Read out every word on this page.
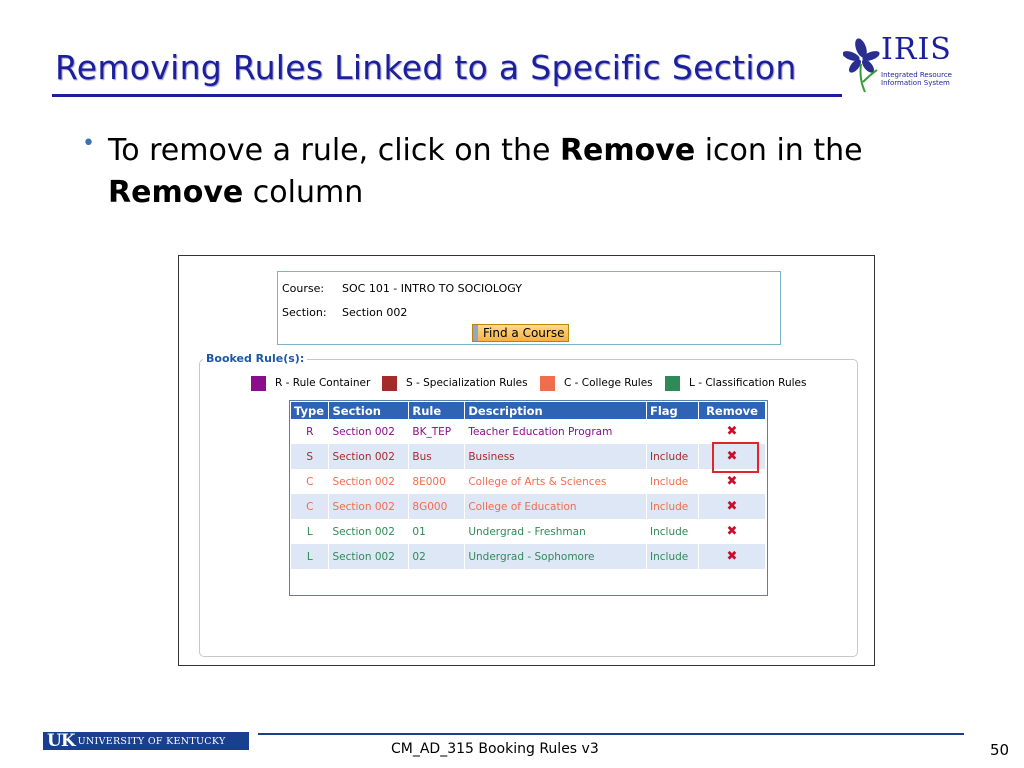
Removing Rules Linked to a Specific Section	IRIS
Integrated Resource
Information System
• To remove a rule, click on the Remove icon in the
Remove column
Course: SOC 101 - INTRO TO SOCIOLOGY
Section: Section 002
Find a Course
Booked Rule(s):
R - Rule Container	S - Specialization Rules	C - College Rules	L - Classification Rules
Type	Section	Rule	Description	Flag	Remove
R	Section 002	BK_TEP	Teacher Education Program		✖
S	Section 002	Bus	Business	Include	✖
C	Section 002	8E000	College of Arts & Sciences	Include	✖
C	Section 002	8G000	College of Education	Include	✖
L	Section 002	01	Undergrad - Freshman	Include	✖
L	Section 002	02	Undergrad - Sophomore	Include	✖
UK UNIVERSITY OF KENTUCKY	CM_AD_315 Booking Rules v3	50
